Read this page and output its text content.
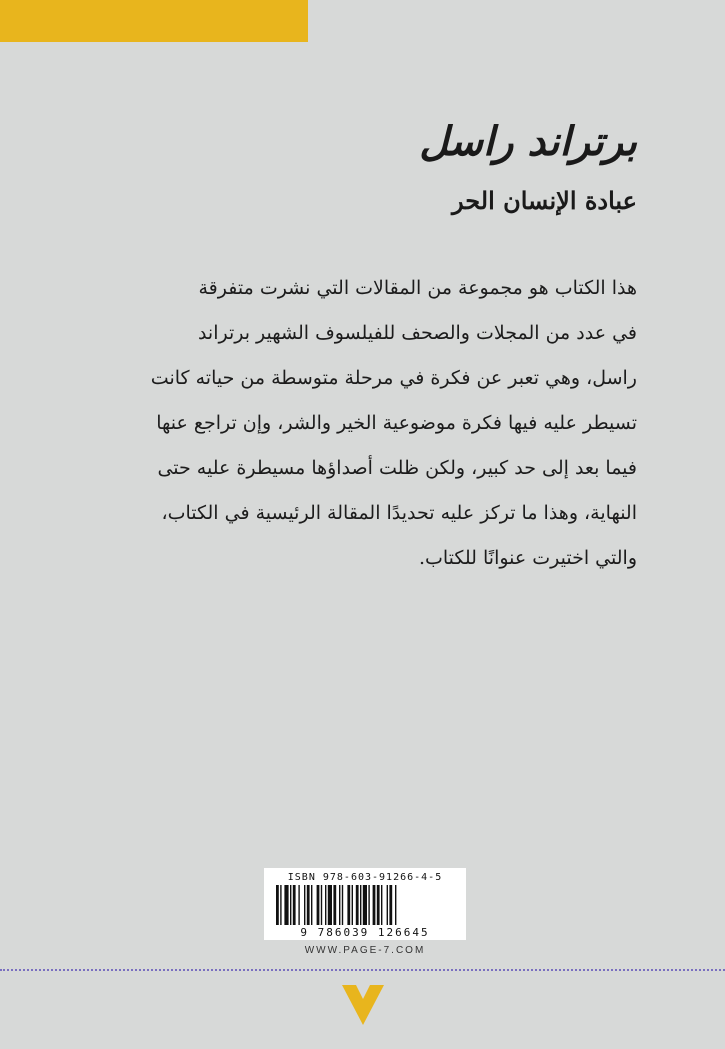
برتراند راسل
عبادة الإنسان الحر
هذا الكتاب هو مجموعة من المقالات التي نشرت متفرقة
في عدد من المجلات والصحف للفيلسوف الشهير برتراند
راسل، وهي تعبر عن فكرة في مرحلة متوسطة من حياته كانت
تسيطر عليه فيها فكرة موضوعية الخير والشر، وإن تراجع عنها
فيما بعد إلى حد كبير، ولكن ظلت أصداؤها مسيطرة عليه حتى
النهاية، وهذا ما تركز عليه تحديدًا المقالة الرئيسية في الكتاب،
والتي اختيرت عنوانًا للكتاب.
ISBN 978-603-91266-4-5
9 786039 126645
WWW.PAGE-7.COM
